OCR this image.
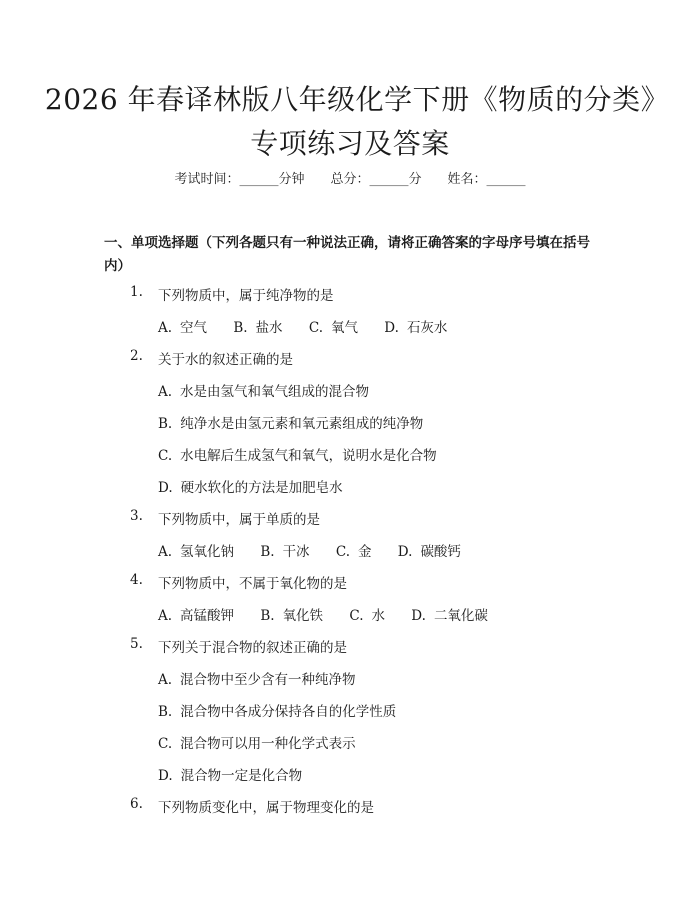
2026 年春译林版八年级化学下册《物质的分类》专项练习及答案
考试时间：______分钟 总分：______分 姓名：______
一、单项选择题（下列各题只有一种说法正确，请将正确答案的字母序号填在括号内）
1. 下列物质中，属于纯净物的是
A. 空气 B. 盐水 C. 氧气 D. 石灰水
2. 关于水的叙述正确的是
A. 水是由氢气和氧气组成的混合物
B. 纯净水是由氢元素和氧元素组成的纯净物
C. 水电解后生成氢气和氧气，说明水是化合物
D. 硬水软化的方法是加肥皂水
3. 下列物质中，属于单质的是
A. 氢氧化钠 B. 干冰 C. 金 D. 碳酸钙
4. 下列物质中，不属于氧化物的是
A. 高锰酸钾 B. 氧化铁 C. 水 D. 二氧化碳
5. 下列关于混合物的叙述正确的是
A. 混合物中至少含有一种纯净物
B. 混合物中各成分保持各自的化学性质
C. 混合物可以用一种化学式表示
D. 混合物一定是化合物
6. 下列物质变化中，属于物理变化的是
